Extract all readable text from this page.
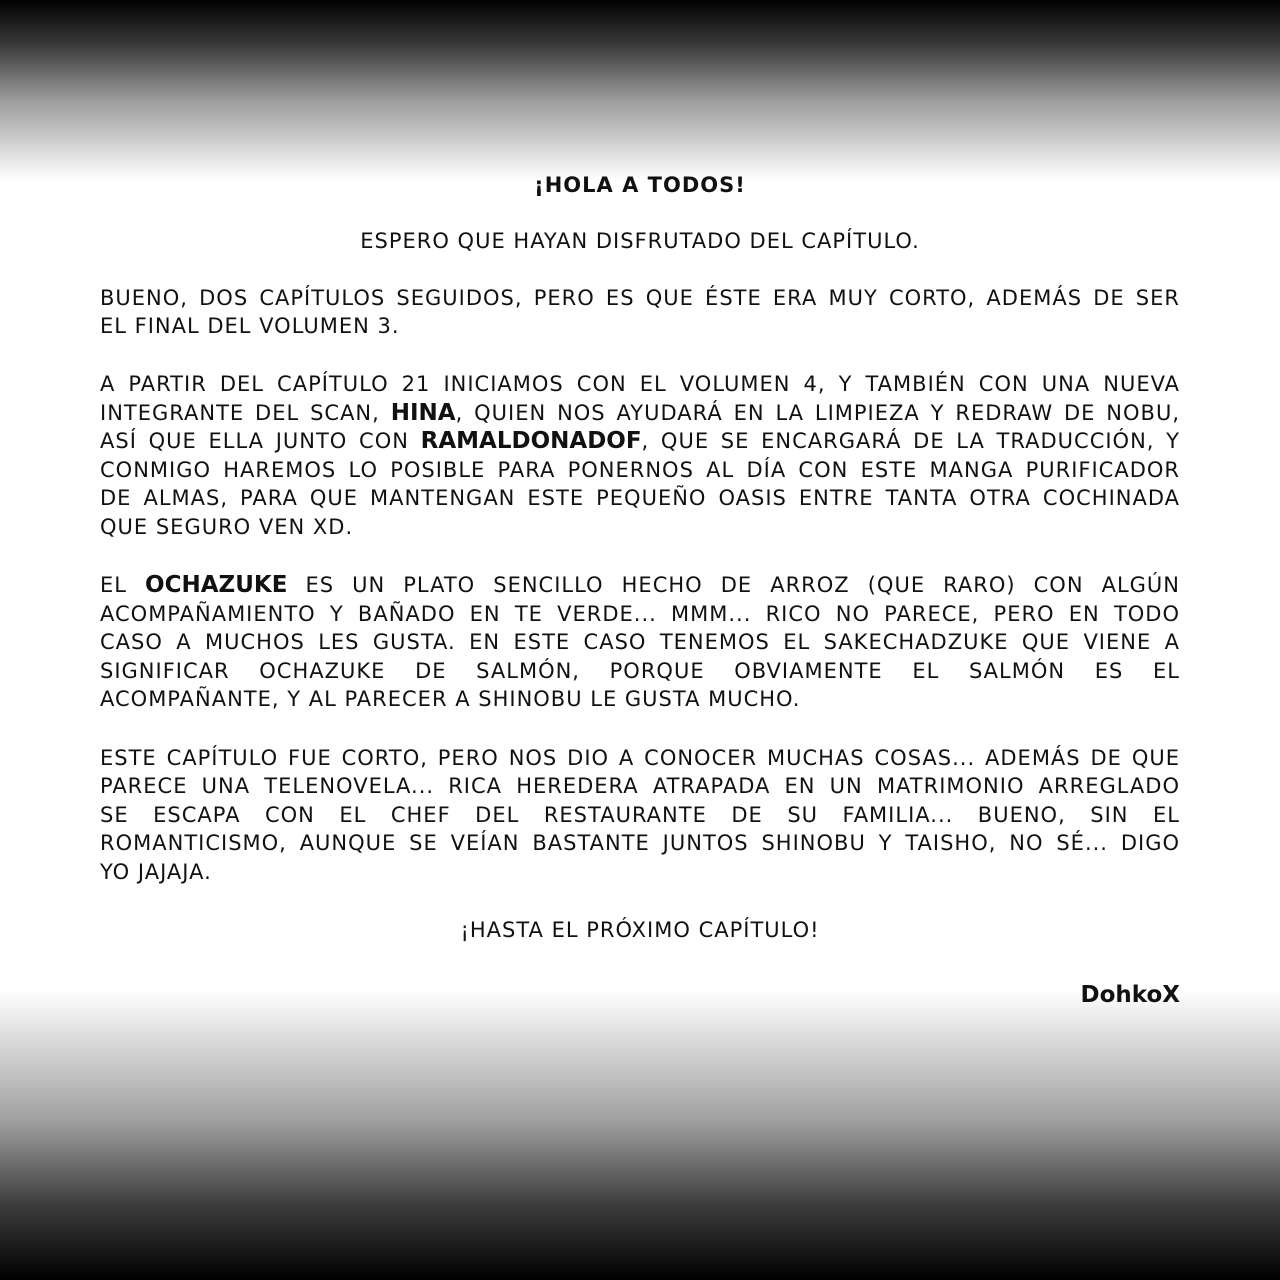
¡HOLA A TODOS!
ESPERO QUE HAYAN DISFRUTADO DEL CAPÍTULO.
BUENO, DOS CAPÍTULOS SEGUIDOS, PERO ES QUE ÉSTE ERA MUY CORTO, ADEMÁS DE SER
EL FINAL DEL VOLUMEN 3.
A PARTIR DEL CAPÍTULO 21 INICIAMOS CON EL VOLUMEN 4, Y TAMBIÉN CON UNA NUEVA
INTEGRANTE DEL SCAN, HINA, QUIEN NOS AYUDARÁ EN LA LIMPIEZA Y REDRAW DE NOBU,
ASÍ QUE ELLA JUNTO CON RAMALDONADOF, QUE SE ENCARGARÁ DE LA TRADUCCIÓN, Y
CONMIGO HAREMOS LO POSIBLE PARA PONERNOS AL DÍA CON ESTE MANGA PURIFICADOR
DE ALMAS, PARA QUE MANTENGAN ESTE PEQUEÑO OASIS ENTRE TANTA OTRA COCHINADA
QUE SEGURO VEN XD.
EL OCHAZUKE ES UN PLATO SENCILLO HECHO DE ARROZ (QUE RARO) CON ALGÚN
ACOMPAÑAMIENTO Y BAÑADO EN TE VERDE... MMM... RICO NO PARECE, PERO EN TODO
CASO A MUCHOS LES GUSTA. EN ESTE CASO TENEMOS EL SAKECHADZUKE QUE VIENE A
SIGNIFICAR OCHAZUKE DE SALMÓN, PORQUE OBVIAMENTE EL SALMÓN ES EL
ACOMPAÑANTE, Y AL PARECER A SHINOBU LE GUSTA MUCHO.
ESTE CAPÍTULO FUE CORTO, PERO NOS DIO A CONOCER MUCHAS COSAS... ADEMÁS DE QUE
PARECE UNA TELENOVELA... RICA HEREDERA ATRAPADA EN UN MATRIMONIO ARREGLADO
SE ESCAPA CON EL CHEF DEL RESTAURANTE DE SU FAMILIA... BUENO, SIN EL
ROMANTICISMO, AUNQUE SE VEÍAN BASTANTE JUNTOS SHINOBU Y TAISHO, NO SÉ... DIGO
YO JAJAJA.
¡HASTA EL PRÓXIMO CAPÍTULO!
DohkoX
